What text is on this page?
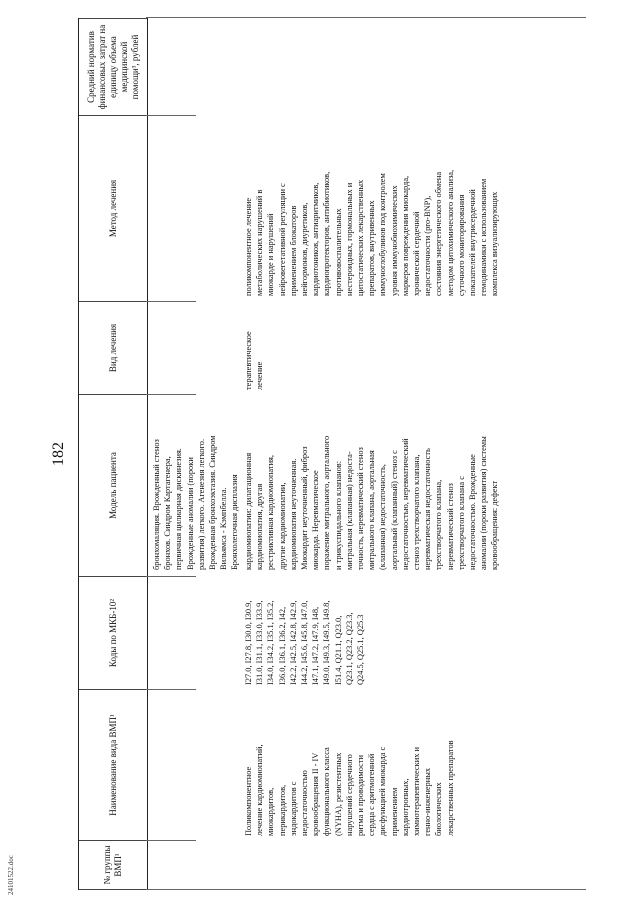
182
№ группы ВМП¹
Наименование вида ВМП¹
Коды по МКБ-10²
Модель пациента
Вид лечения
Метод лечения
Средний норматив финансовых затрат на единицу объема медицинской помощи³, рублей
бронхомаляция. Врожденный стеноз
бронхов. Синдром Картагенера,
первичная цилиарная дискинезия.
Врожденные аномалии (пороки
развития) легкого. Агенезия легкого.
Врожденная бронхоэктазия. Синдром
Вильямса - Кэмпбелла.
Бронхолегочная дисплазия
Поликомпонентное
лечение кардиомиопатий,
миокардитов,
перикардитов,
эндокардитов с
недостаточностью
кровообращения II - IV
функционального класса
(NYHA), резистентных
нарушений сердечного
ритма и проводимости
сердца с аритмогенной
дисфункцией миокарда с
применением
кардиотропных,
химиотерапевтических и
генно-инженерных
биологических
лекарственных препаратов
I27.0, I27.8, I30.0, I30.9,
I31.0, I31.1, I33.0, I33.9,
I34.0, I34.2, I35.1, I35.2,
I36.0, I36.1, I36.2, I42,
I42.2, I42.5, I42.8, I42.9,
I44.2, I45.6, I45.8, I47.0,
I47.1, I47.2, I47.9, I48,
I49.0, I49.3, I49.5, I49.8,
I51.4, Q21.1, Q23.0,
Q23.1, Q23.2, Q23.3,
Q24.5, Q25.1, Q25.3
кардиомиопатии: дилатационная
кардиомиопатия, другая
рестриктивная кардиомиопатия,
другие кардиомиопатии,
кардиомиопатия неуточненная.
Миокардит неуточненный, фиброз
миокарда. Неревматическое
поражение митрального, аортального
и трикуспидального клапанов:
митральная (клапанная) недоста-
точность, неревматический стеноз
митрального клапана, аортальная
(клапанная) недостаточность,
аортальный (клапанный) стеноз с
недостаточностью, неревматический
стеноз трехстворчатого клапана,
неревматическая недостаточность
трехстворчатого клапана,
неревматический стеноз
трехстворчатого клапана с
недостаточностью. Врожденные
аномалии (пороки развития) системы
кровообращения: дефект
терапевтическое
лечение
поликомпонентное лечение
метаболических нарушений в
миокарде и нарушений
нейровегетативной регуляции с
применением блокаторов
нейгормонов, диуретиков,
кардиотоников, антиаритмиков,
кардиопротекторов, антибиотиков,
противовоспалительных
нестероидных, гормональных и
цитостатических лекарственных
препаратов, внутривенных
иммуноглобулинов под контролем
уровня иммунобиохимических
маркеров повреждения миокарда,
хронической сердечной
недостаточности (pro-BNP),
состояния энергетического обмена
методом цитохимического анализа,
суточного мониторирования
показателей внутрисердечной
гемодинамики с использованием
комплекса визуализирующих
24101522.doc
